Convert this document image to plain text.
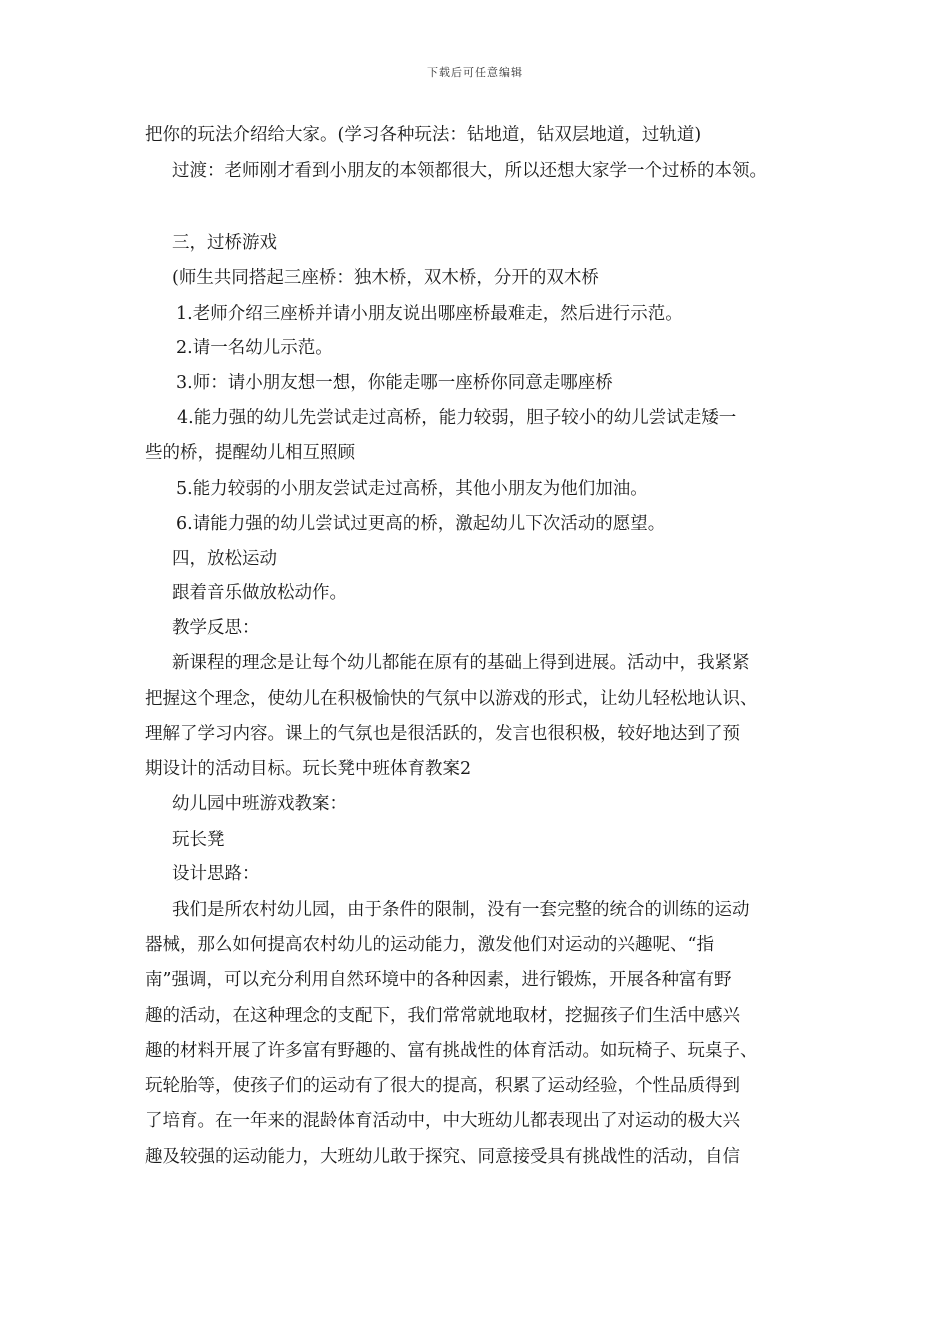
下载后可任意编辑
把你的玩法介绍给大家。(学习各种玩法：钻地道，钻双层地道，过轨道)
过渡：老师刚才看到小朋友的本领都很大，所以还想大家学一个过桥的本领。
三，过桥游戏
(师生共同搭起三座桥：独木桥，双木桥，分开的双木桥
1.老师介绍三座桥并请小朋友说出哪座桥最难走，然后进行示范。
2.请一名幼儿示范。
3.师：请小朋友想一想，你能走哪一座桥你同意走哪座桥
4.能力强的幼儿先尝试走过高桥，能力较弱，胆子较小的幼儿尝试走矮一
些的桥，提醒幼儿相互照顾
5.能力较弱的小朋友尝试走过高桥，其他小朋友为他们加油。
6.请能力强的幼儿尝试过更高的桥，激起幼儿下次活动的愿望。
四，放松运动
跟着音乐做放松动作。
教学反思：
新课程的理念是让每个幼儿都能在原有的基础上得到进展。活动中，我紧紧
把握这个理念，使幼儿在积极愉快的气氛中以游戏的形式，让幼儿轻松地认识、
理解了学习内容。课上的气氛也是很活跃的，发言也很积极，较好地达到了预
期设计的活动目标。玩长凳中班体育教案2
幼儿园中班游戏教案：
玩长凳
设计思路：
我们是所农村幼儿园，由于条件的限制，没有一套完整的统合的训练的运动
器械，那么如何提高农村幼儿的运动能力，激发他们对运动的兴趣呢、“指
南”强调，可以充分利用自然环境中的各种因素，进行锻炼，开展各种富有野
趣的活动，在这种理念的支配下，我们常常就地取材，挖掘孩子们生活中感兴
趣的材料开展了许多富有野趣的、富有挑战性的体育活动。如玩椅子、玩桌子、
玩轮胎等，使孩子们的运动有了很大的提高，积累了运动经验，个性品质得到
了培育。在一年来的混龄体育活动中，中大班幼儿都表现出了对运动的极大兴
趣及较强的运动能力，大班幼儿敢于探究、同意接受具有挑战性的活动，自信
